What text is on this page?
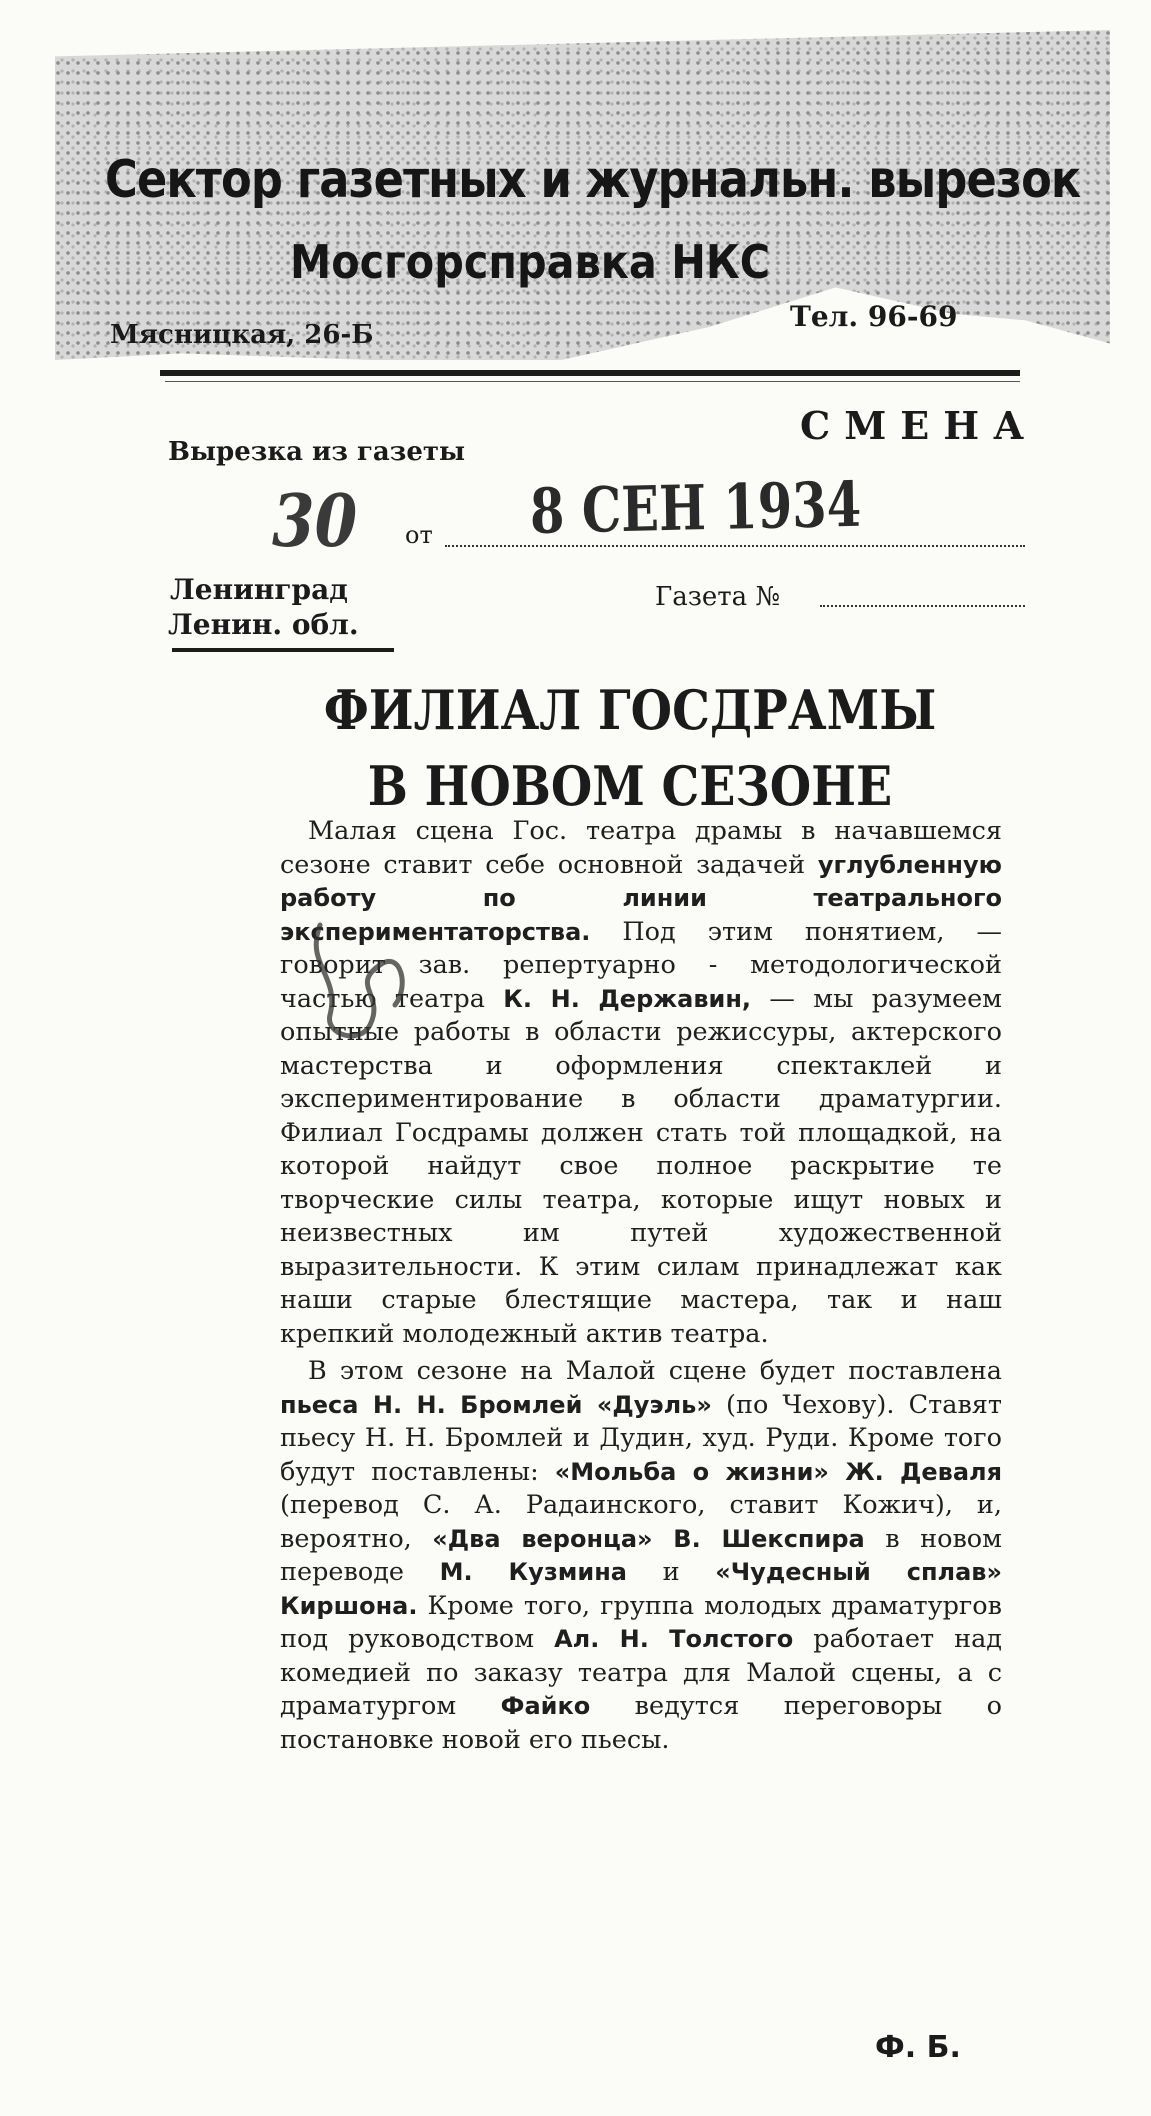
Сектор газетных и журнальн. вырезок
Мосгорсправка НКС
Тел. 96-69
Мясницкая, 26-Б
Вырезка из газеты
СМЕНА
30 от 8 СЕН 1934
Ленинград
Ленин. обл.
Газета №
ФИЛИАЛ ГОСДРАМЫ
В НОВОМ СЕЗОНЕ

Малая сцена Гос. театра драмы в начавшемся сезоне ставит себе основной задачей углубленную работу по линии театрального экспериментаторства. Под этим понятием, — говорит зав. репертуарно - методологической частью театра К. Н. Державин, — мы разумеем опытные работы в области режиссуры, актерского мастерства и оформления спектаклей и экспериментирование в области драматургии. Филиал Госдрамы должен стать той площадкой, на которой найдут свое полное раскрытие те творческие силы театра, которые ищут новых и неизвестных им путей художественной выразительности. К этим силам принадлежат как наши старые блестящие мастера, так и наш крепкий молодежный актив театра.

В этом сезоне на Малой сцене будет поставлена пьеса Н. Н. Бромлей «Дуэль» (по Чехову). Ставят пьесу Н. Н. Бромлей и Дудин, худ. Руди. Кроме того будут поставлены: «Мольба о жизни» Ж. Деваля (перевод С. А. Радаинского, ставит Кожич), и, вероятно, «Два веронца» В. Шекспира в новом переводе М. Кузмина и «Чудесный сплав» Киршона. Кроме того, группа молодых драматургов под руководством Ал. Н. Толстого работает над комедией по заказу театра для Малой сцены, а с драматургом Файко ведутся переговоры о постановке новой его пьесы.

Ф. Б.
